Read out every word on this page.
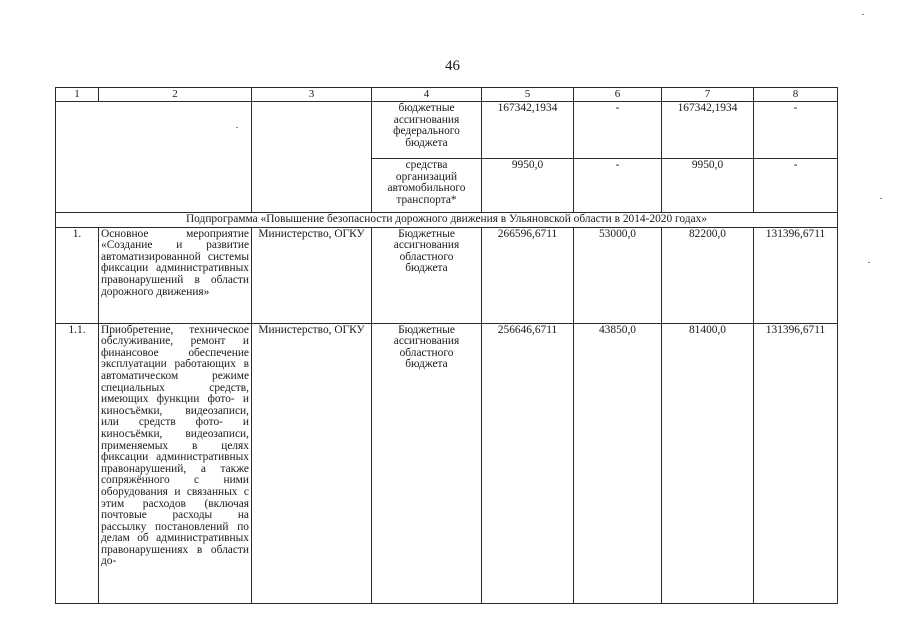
46
1	2	3	4	5	6	7	8
			бюджетные ассигнования федерального бюджета	167342,1934	-	167342,1934	-
			средства организаций автомобильного транспорта*	9950,0	-	9950,0	-
Подпрограмма «Повышение безопасности дорожного движения в Ульяновской области в 2014-2020 годах»							
1.	Основное мероприятие «Создание и развитие автоматизированной системы фиксации административных правонарушений в области дорожного движения»	Министерство, ОГКУ	Бюджетные ассигнования областного бюджета	266596,6711	53000,0	82200,0	131396,6711
1.1.	Приобретение, техническое обслуживание, ремонт и финансовое обеспечение эксплуатации работающих в автоматическом режиме специальных средств, имеющих функции фото- и киносъёмки, видеозаписи, или средств фото- и киносъёмки, видеозаписи, применяемых в целях фиксации административных правонарушений, а также сопряжённого с ними оборудования и связанных с этим расходов (включая почтовые расходы на рассылку постановлений по делам об административных правонарушениях в области до-	Министерство, ОГКУ	Бюджетные ассигнования областного бюджета	256646,6711	43850,0	81400,0	131396,6711
